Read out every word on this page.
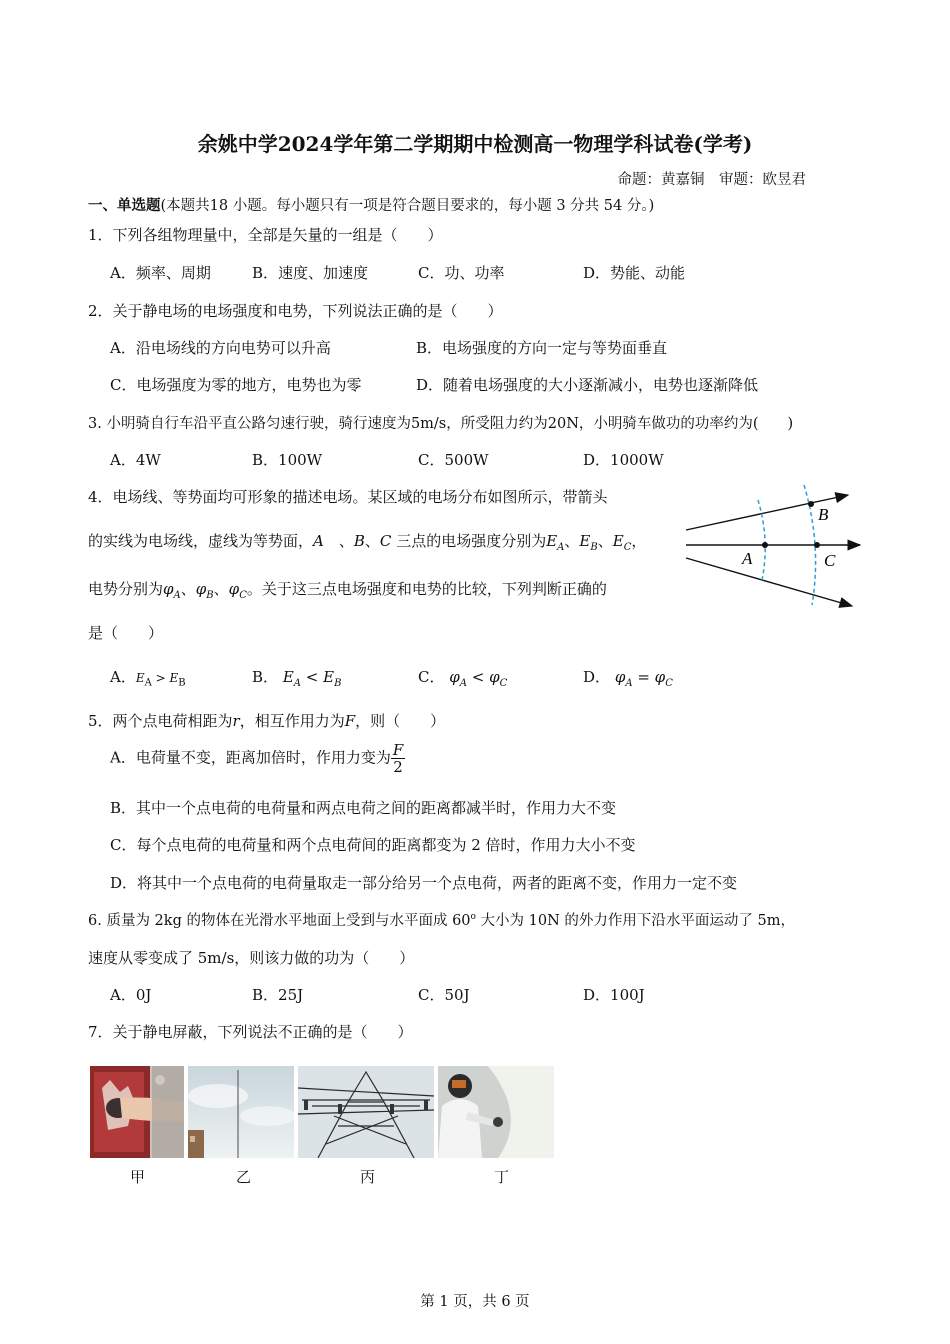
余姚中学2024学年第二学期期中检测高一物理学科试卷(学考)
命题：黄嘉铜　审题：欧昱君
一、单选题(本题共18 小题。每小题只有一项是符合题目要求的，每小题 3 分共 54 分。)
1．下列各组物理量中，全部是矢量的一组是（　　）
A．频率、周期	B．速度、加速度	C．功、功率	D．势能、动能
2．关于静电场的电场强度和电势，下列说法正确的是（　　）
A．沿电场线的方向电势可以升高	B．电场强度的方向一定与等势面垂直
C．电场强度为零的地方，电势也为零	D．随着电场强度的大小逐渐减小，电势也逐渐降低
3. 小明骑自行车沿平直公路匀速行驶，骑行速度为5m/s，所受阻力约为20N，小明骑车做功的功率约为(　　)
A．4W	B．100W	C．500W	D．1000W
4．电场线、等势面均可形象的描述电场。某区域的电场分布如图所示，带箭头
的实线为电场线，虚线为等势面，A　、B、C 三点的电场强度分别为$E_A$、$E_B$、$E_C$，
电势分别为$\varphi_A$、$\varphi_B$、$\varphi_C$。关于这三点电场强度和电势的比较，下列判断正确的
是（　　）
A．$E_A > E_B$	B． $E_A < E_B$	C． $\varphi_A < \varphi_C$	D． $\varphi_A = \varphi_C$
A
B
C
5．两个点电荷相距为r，相互作用力为F，则（　　）
A．电荷量不变，距离加倍时，作用力变为 $\frac{F}{2}$
B．其中一个点电荷的电荷量和两点电荷之间的距离都减半时，作用力大不变
C．每个点电荷的电荷量和两个点电荷间的距离都变为 2 倍时，作用力大小不变
D．将其中一个点电荷的电荷量取走一部分给另一个点电荷，两者的距离不变，作用力一定不变
6. 质量为 2kg 的物体在光滑水平地面上受到与水平面成 60$^o$ 大小为 10N 的外力作用下沿水平面运动了 5m，
速度从零变成了 5m/s，则该力做的功为（　　）
A．0J	B．25J	C．50J	D．100J
7．关于静电屏蔽，下列说法不正确的是（　　）
甲	乙	丙	丁
第 1 页，共 6 页
